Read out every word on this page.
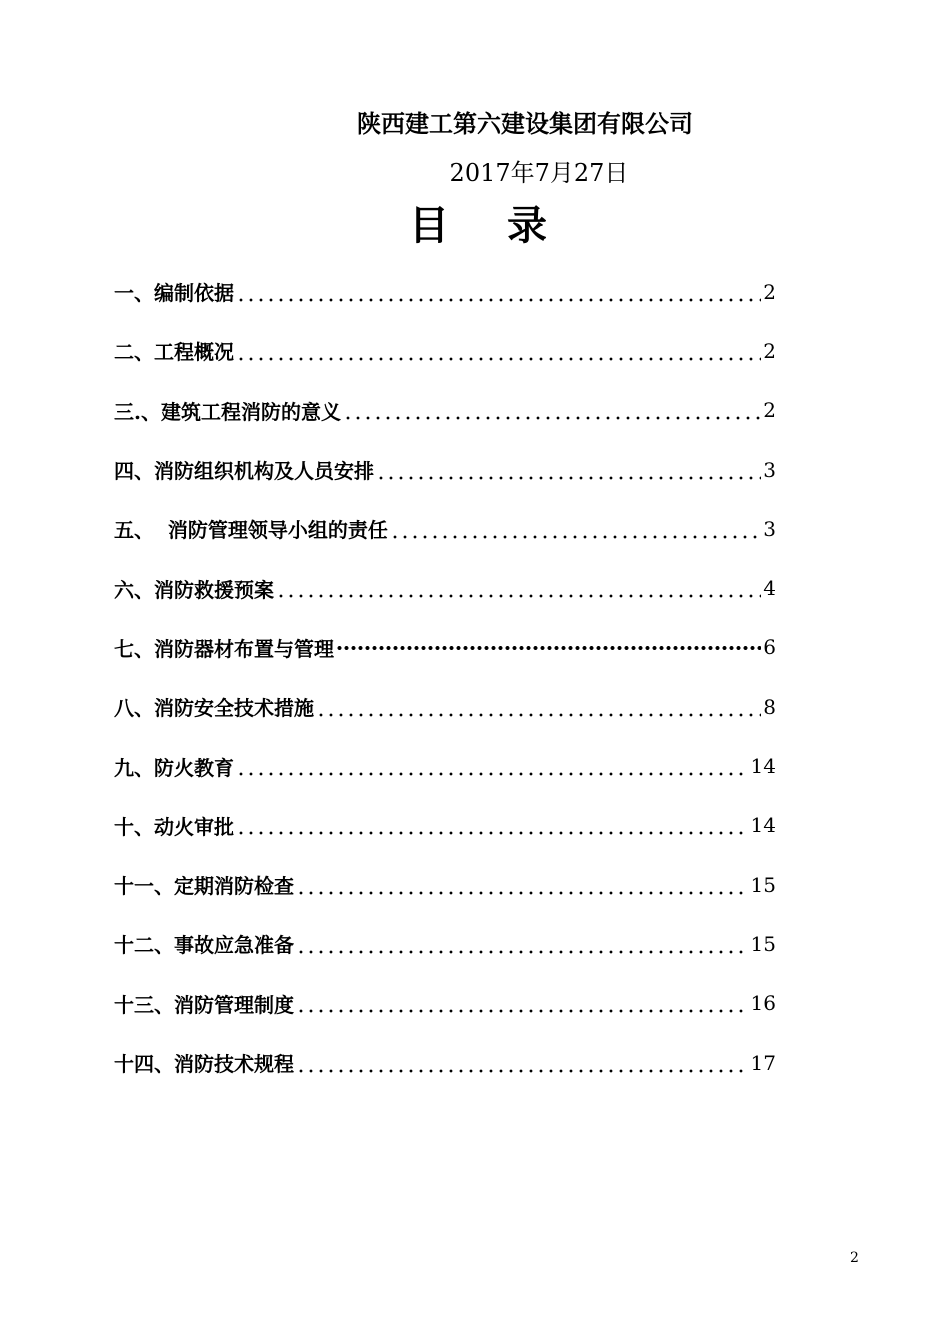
陕西建工第六建设集团有限公司
2017年7月27日
目 录
一、编制依据	2
二、工程概况	2
三.、建筑工程消防的意义	2
四、消防组织机构及人员安排	3
五、  消防管理领导小组的责任	3
六、消防救援预案	4
七、消防器材布置与管理	6
八、消防安全技术措施	8
九、防火教育	14
十、动火审批	14
十一、定期消防检查	15
十二、事故应急准备	15
十三、消防管理制度	16
十四、消防技术规程	17
2
